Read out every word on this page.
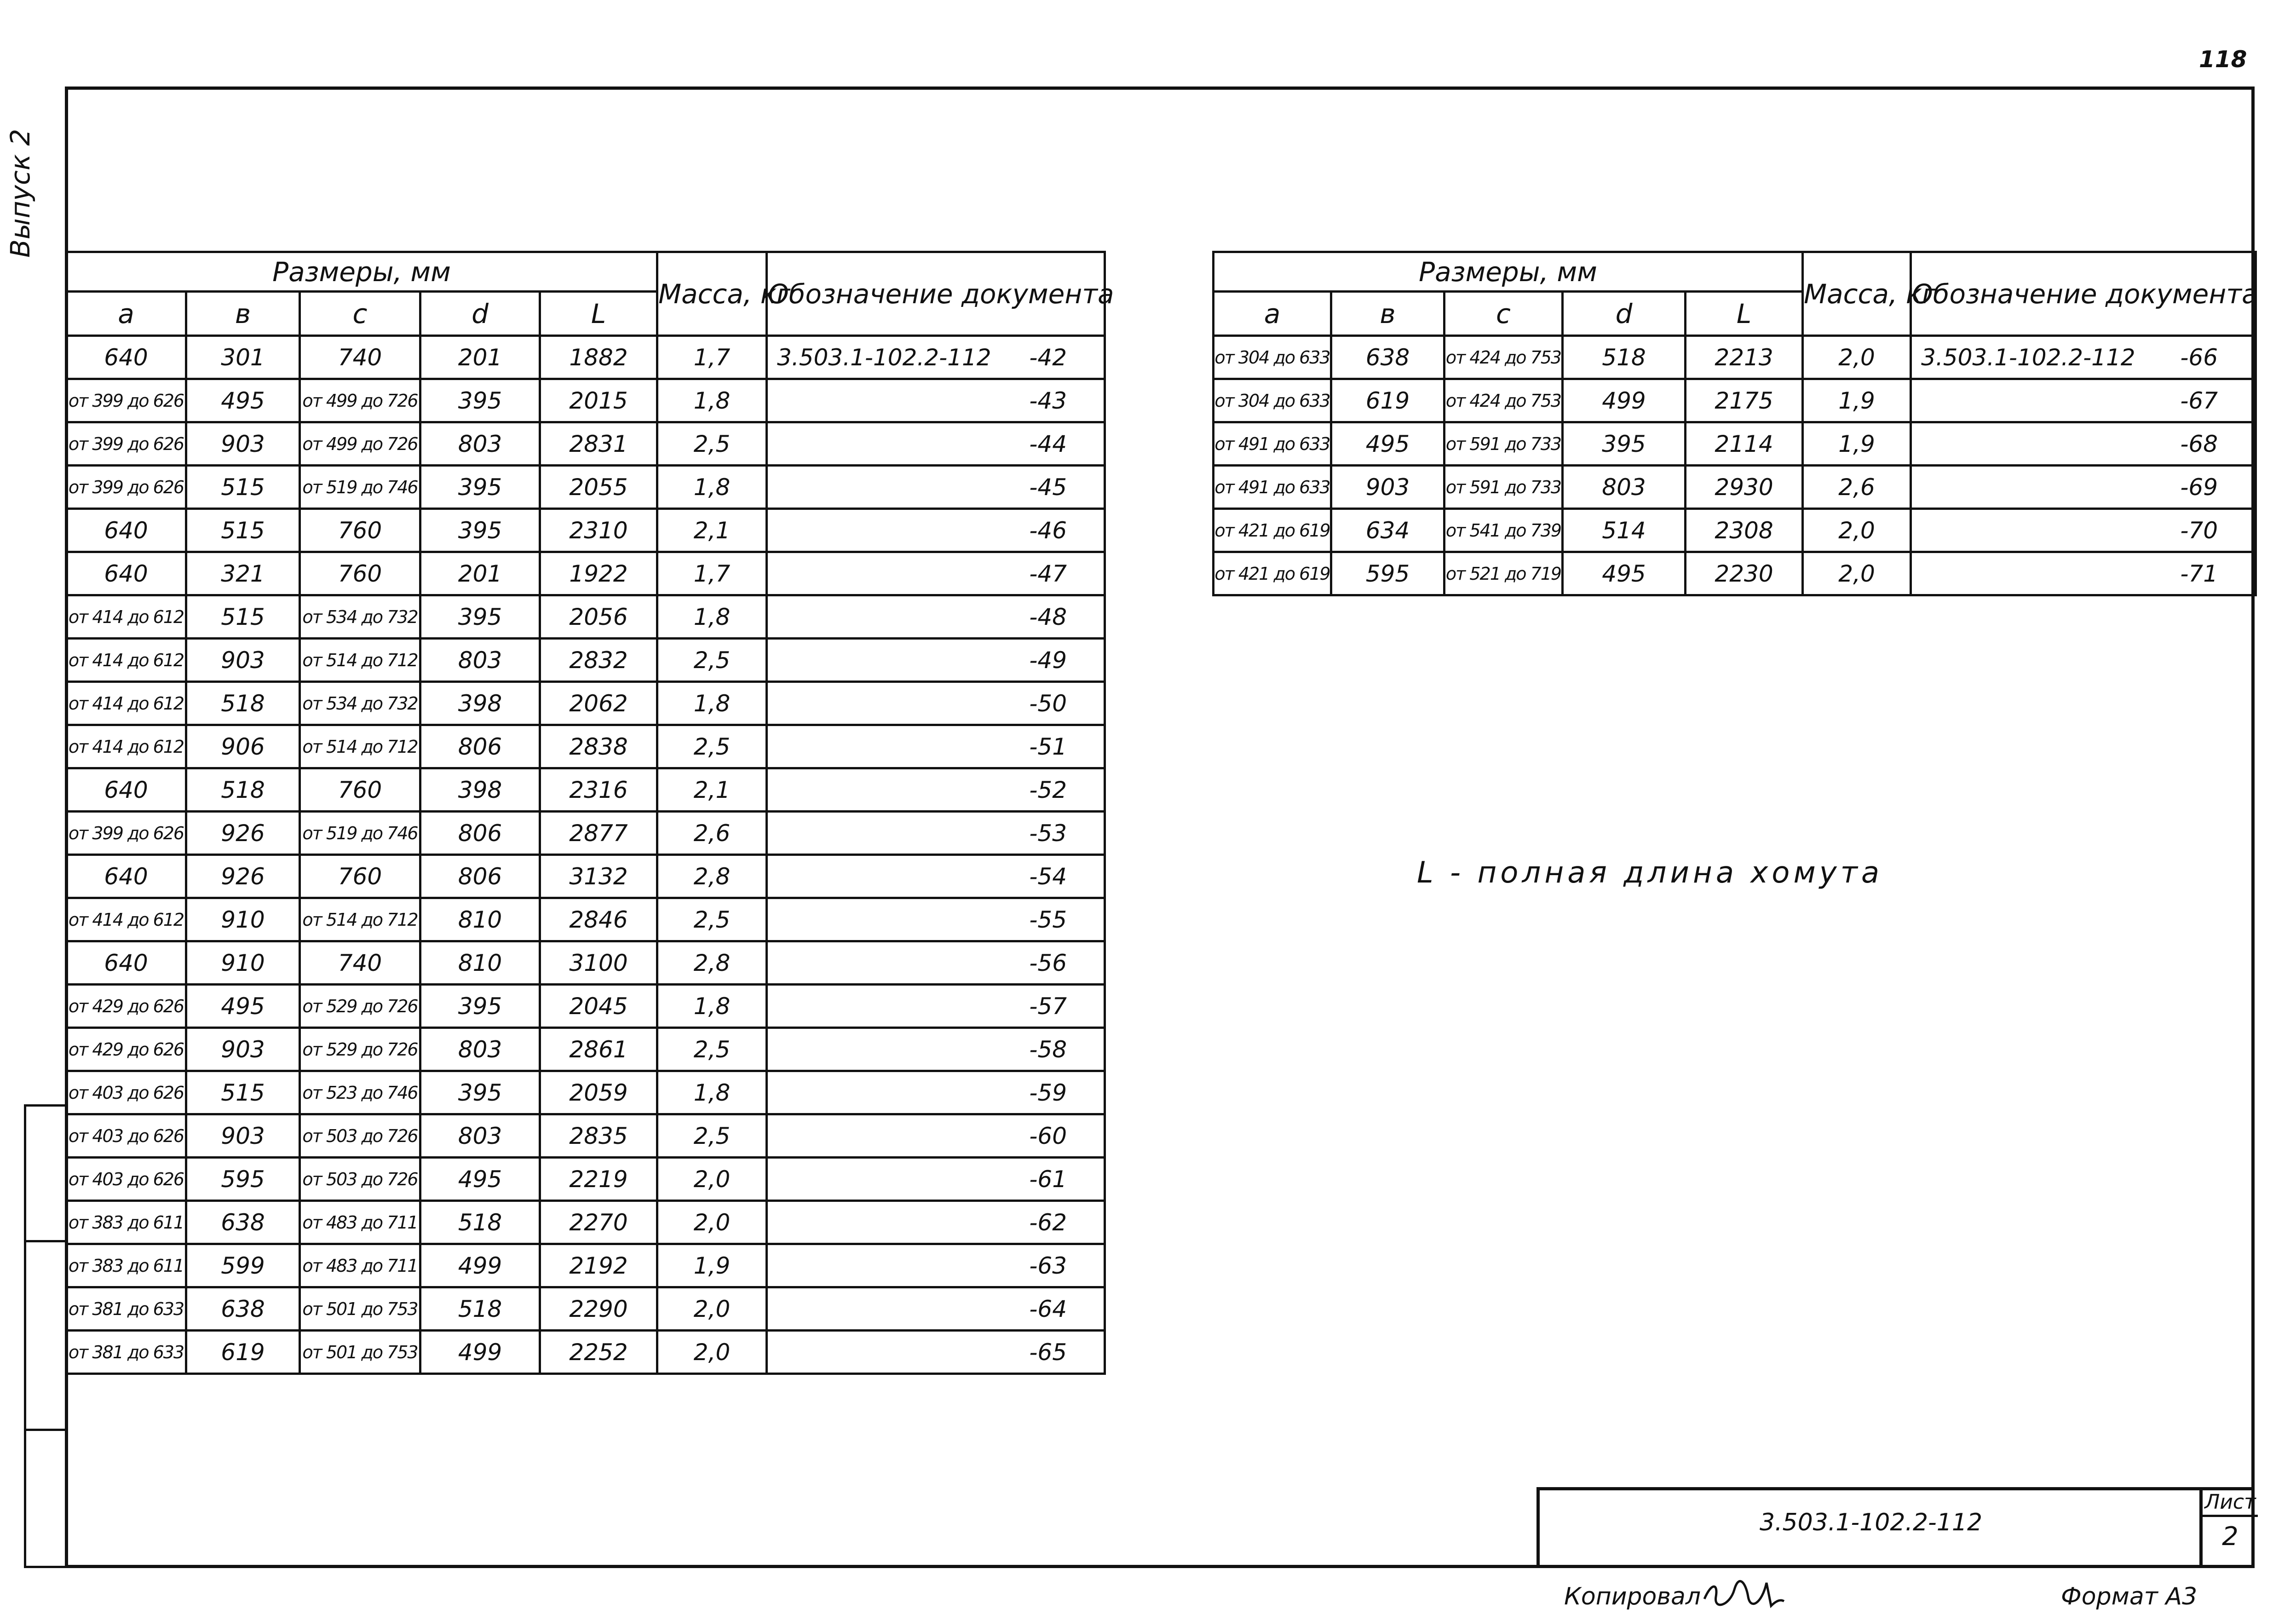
118
Выпуск 2
Размеры, мм					Масса, кг	Обозначение документа
а	в	с	d	L		
640	301	740	201	1882	1,7	3.503.1-102.2-112 -42
от 399 до 626	495	от 499 до 726	395	2015	1,8	-43
от 399 до 626	903	от 499 до 726	803	2831	2,5	-44
от 399 до 626	515	от 519 до 746	395	2055	1,8	-45
640	515	760	395	2310	2,1	-46
640	321	760	201	1922	1,7	-47
от 414 до 612	515	от 534 до 732	395	2056	1,8	-48
от 414 до 612	903	от 514 до 712	803	2832	2,5	-49
от 414 до 612	518	от 534 до 732	398	2062	1,8	-50
от 414 до 612	906	от 514 до 712	806	2838	2,5	-51
640	518	760	398	2316	2,1	-52
от 399 до 626	926	от 519 до 746	806	2877	2,6	-53
640	926	760	806	3132	2,8	-54
от 414 до 612	910	от 514 до 712	810	2846	2,5	-55
640	910	740	810	3100	2,8	-56
от 429 до 626	495	от 529 до 726	395	2045	1,8	-57
от 429 до 626	903	от 529 до 726	803	2861	2,5	-58
от 403 до 626	515	от 523 до 746	395	2059	1,8	-59
от 403 до 626	903	от 503 до 726	803	2835	2,5	-60
от 403 до 626	595	от 503 до 726	495	2219	2,0	-61
от 383 до 611	638	от 483 до 711	518	2270	2,0	-62
от 383 до 611	599	от 483 до 711	499	2192	1,9	-63
от 381 до 633	638	от 501 до 753	518	2290	2,0	-64
от 381 до 633	619	от 501 до 753	499	2252	2,0	-65
Размеры, мм					Масса, кг	Обозначение документа
а	в	с	d	L		
от 304 до 633	638	от 424 до 753	518	2213	2,0	3.503.1-102.2-112 -66
от 304 до 633	619	от 424 до 753	499	2175	1,9	-67
от 491 до 633	495	от 591 до 733	395	2114	1,9	-68
от 491 до 633	903	от 591 до 733	803	2930	2,6	-69
от 421 до 619	634	от 541 до 739	514	2308	2,0	-70
от 421 до 619	595	от 521 до 719	495	2230	2,0	-71
L - полная длина хомута
3.503.1-102.2-112
Лист
2
Копировал	Формат А3
